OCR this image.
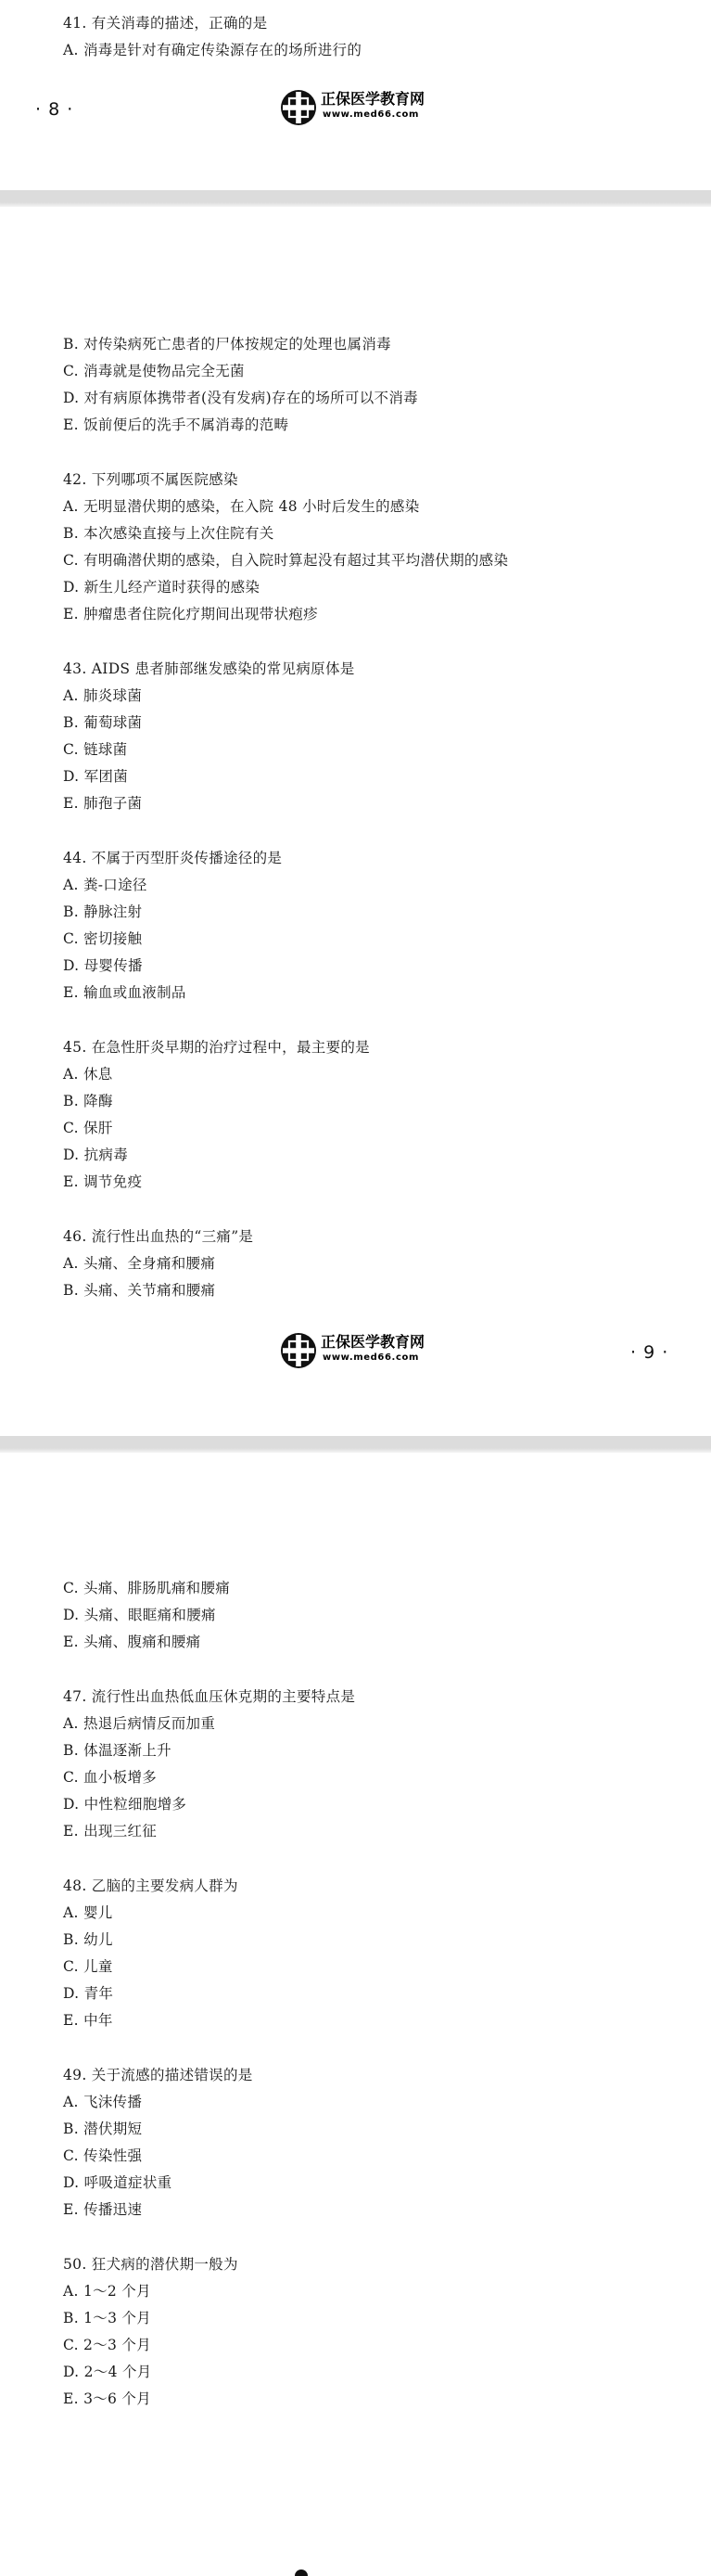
41. 有关消毒的描述，正确的是
A. 消毒是针对有确定传染源存在的场所进行的
· 8 ·
正保医学教育网
www.med66.com
B. 对传染病死亡患者的尸体按规定的处理也属消毒
C. 消毒就是使物品完全无菌
D. 对有病原体携带者(没有发病)存在的场所可以不消毒
E. 饭前便后的洗手不属消毒的范畴
42. 下列哪项不属医院感染
A. 无明显潜伏期的感染，在入院 48 小时后发生的感染
B. 本次感染直接与上次住院有关
C. 有明确潜伏期的感染，自入院时算起没有超过其平均潜伏期的感染
D. 新生儿经产道时获得的感染
E. 肿瘤患者住院化疗期间出现带状疱疹
43. AIDS 患者肺部继发感染的常见病原体是
A. 肺炎球菌
B. 葡萄球菌
C. 链球菌
D. 军团菌
E. 肺孢子菌
44. 不属于丙型肝炎传播途径的是
A. 粪-口途径
B. 静脉注射
C. 密切接触
D. 母婴传播
E. 输血或血液制品
45. 在急性肝炎早期的治疗过程中，最主要的是
A. 休息
B. 降酶
C. 保肝
D. 抗病毒
E. 调节免疫
46. 流行性出血热的“三痛”是
A. 头痛、全身痛和腰痛
B. 头痛、关节痛和腰痛
正保医学教育网
www.med66.com	· 9 ·
C. 头痛、腓肠肌痛和腰痛
D. 头痛、眼眶痛和腰痛
E. 头痛、腹痛和腰痛
47. 流行性出血热低血压休克期的主要特点是
A. 热退后病情反而加重
B. 体温逐渐上升
C. 血小板增多
D. 中性粒细胞增多
E. 出现三红征
48. 乙脑的主要发病人群为
A. 婴儿
B. 幼儿
C. 儿童
D. 青年
E. 中年
49. 关于流感的描述错误的是
A. 飞沫传播
B. 潜伏期短
C. 传染性强
D. 呼吸道症状重
E. 传播迅速
50. 狂犬病的潜伏期一般为
A. 1～2 个月
B. 1～3 个月
C. 2～3 个月
D. 2～4 个月
E. 3～6 个月
